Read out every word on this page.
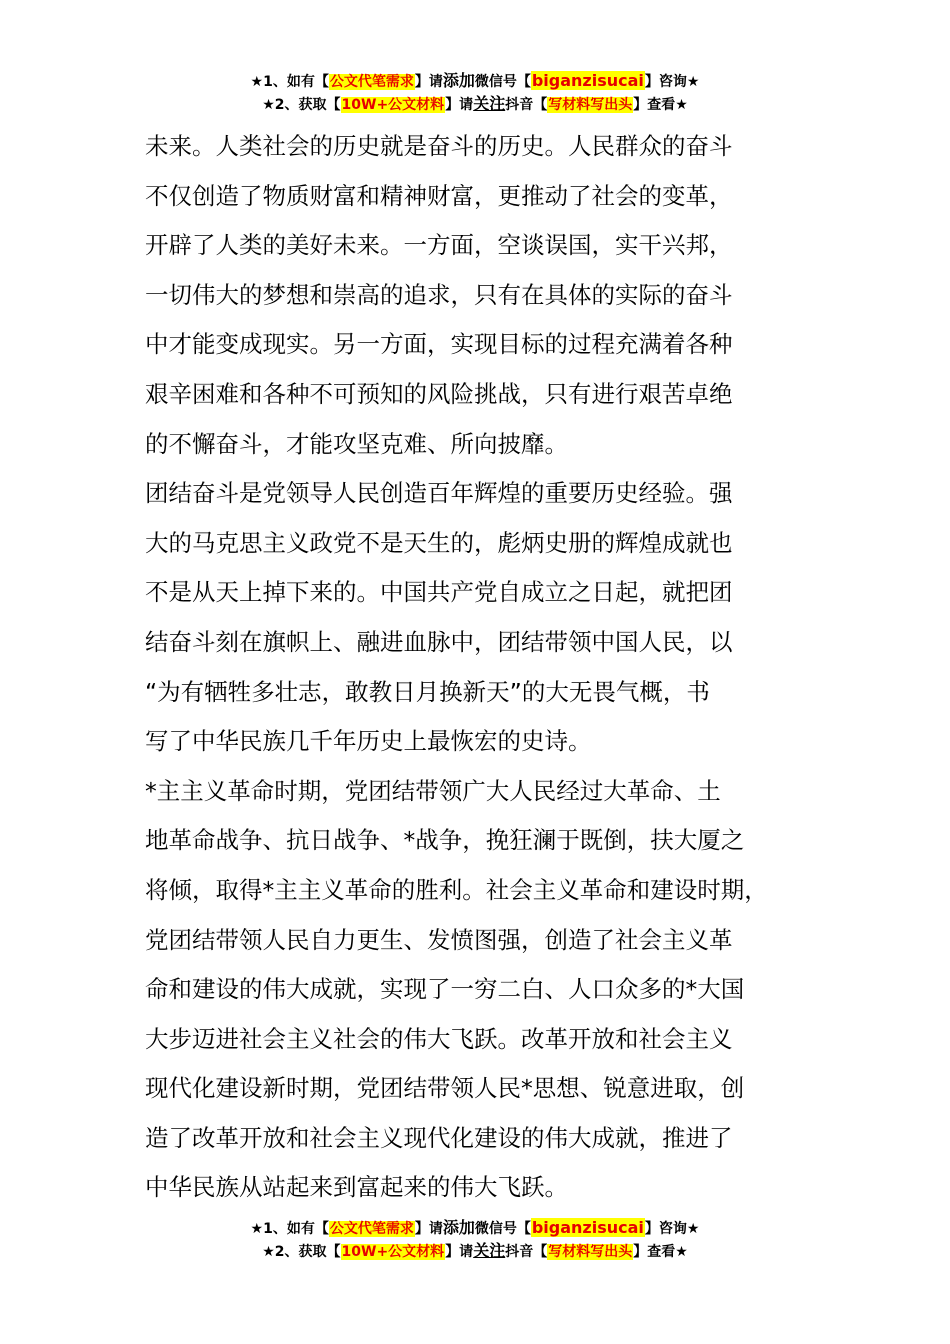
★1、如有【公文代笔需求】请添加微信号【biganzisucai】咨询★
★2、获取【10W+公文材料】请关注抖音【写材料写出头】查看★

未来。人类社会的历史就是奋斗的历史。人民群众的奋斗
不仅创造了物质财富和精神财富，更推动了社会的变革，
开辟了人类的美好未来。一方面，空谈误国，实干兴邦，
一切伟大的梦想和崇高的追求，只有在具体的实际的奋斗
中才能变成现实。另一方面，实现目标的过程充满着各种
艰辛困难和各种不可预知的风险挑战，只有进行艰苦卓绝
的不懈奋斗，才能攻坚克难、所向披靡。

团结奋斗是党领导人民创造百年辉煌的重要历史经验。强
大的马克思主义政党不是天生的，彪炳史册的辉煌成就也
不是从天上掉下来的。中国共产党自成立之日起，就把团
结奋斗刻在旗帜上、融进血脉中，团结带领中国人民，以
“为有牺牲多壮志，敢教日月换新天”的大无畏气概，书
写了中华民族几千年历史上最恢宏的史诗。

*主主义革命时期，党团结带领广大人民经过大革命、土
地革命战争、抗日战争、*战争，挽狂澜于既倒，扶大厦之
将倾，取得*主主义革命的胜利。社会主义革命和建设时期，
党团结带领人民自力更生、发愤图强，创造了社会主义革
命和建设的伟大成就，实现了一穷二白、人口众多的*大国
大步迈进社会主义社会的伟大飞跃。改革开放和社会主义
现代化建设新时期，党团结带领人民*思想、锐意进取，创
造了改革开放和社会主义现代化建设的伟大成就，推进了
中华民族从站起来到富起来的伟大飞跃。

★1、如有【公文代笔需求】请添加微信号【biganzisucai】咨询★
★2、获取【10W+公文材料】请关注抖音【写材料写出头】查看★
